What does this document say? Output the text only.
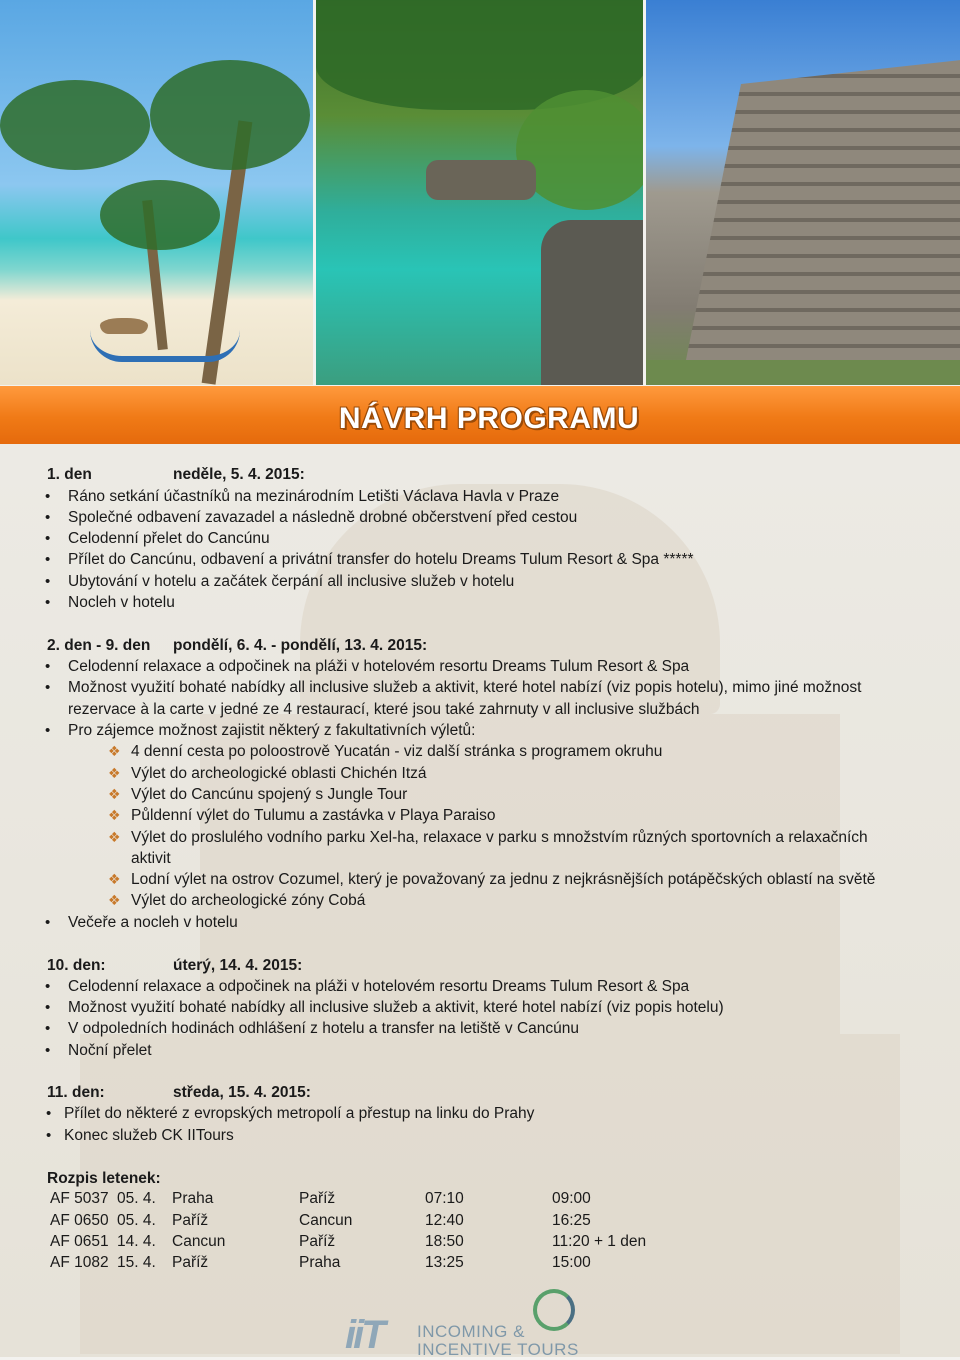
NÁVRH PROGRAMU
1. den	neděle, 5. 4. 2015:
• Ráno setkání účastníků na mezinárodním Letišti Václava Havla v Praze
• Společné odbavení zavazadel a následně drobné občerstvení před cestou
• Celodenní přelet do Cancúnu
• Přílet do Cancúnu, odbavení a privátní transfer do hotelu Dreams Tulum Resort & Spa *****
• Ubytování v hotelu a začátek čerpání all inclusive služeb v hotelu
• Nocleh v hotelu
2. den - 9. den pondělí, 6. 4. - pondělí, 13. 4. 2015:
• Celodenní relaxace a odpočinek na pláži v hotelovém resortu Dreams Tulum Resort & Spa
• Možnost využití bohaté nabídky all inclusive služeb a aktivit, které hotel nabízí (viz popis hotelu), mimo jiné možnost
rezervace à la carte v jedné ze 4 restaurací, které jsou také zahrnuty v all inclusive službách
• Pro zájemce možnost zajistit některý z fakultativních výletů:
❖ 4 denní cesta po poloostrově Yucatán - viz další stránka s programem okruhu
❖ Výlet do archeologické oblasti Chichén Itzá
❖ Výlet do Cancúnu spojený s Jungle Tour
❖ Půldenní výlet do Tulumu a zastávka v Playa Paraiso
❖ Výlet do proslulého vodního parku Xel-ha, relaxace v parku s množstvím různých sportovních a relaxačních
aktivit
❖ Lodní výlet na ostrov Cozumel, který je považovaný za jednu z nejkrásnějších potápěčských oblastí na světě
❖ Výlet do archeologické zóny Cobá
• Večeře a nocleh v hotelu
10. den:	úterý, 14. 4. 2015:
• Celodenní relaxace a odpočinek na pláži v hotelovém resortu Dreams Tulum Resort & Spa
• Možnost využití bohaté nabídky all inclusive služeb a aktivit, které hotel nabízí (viz popis hotelu)
• V odpoledních hodinách odhlášení z hotelu a transfer na letiště v Cancúnu
• Noční přelet
11. den:	středa, 15. 4. 2015:
• Přílet do některé z evropských metropolí a přestup na linku do Prahy
• Konec služeb CK IITours
Rozpis letenek:
AF 5037 05. 4. Praha	Paříž	07:10	09:00
AF 0650 05. 4. Paříž	Cancun	12:40	16:25
AF 0651 14. 4. Cancun	Paříž	18:50	11:20 + 1 den
AF 1082 15. 4. Paříž	Praha	13:25	15:00
iiT INCOMING &
INCENTIVE TOURS
